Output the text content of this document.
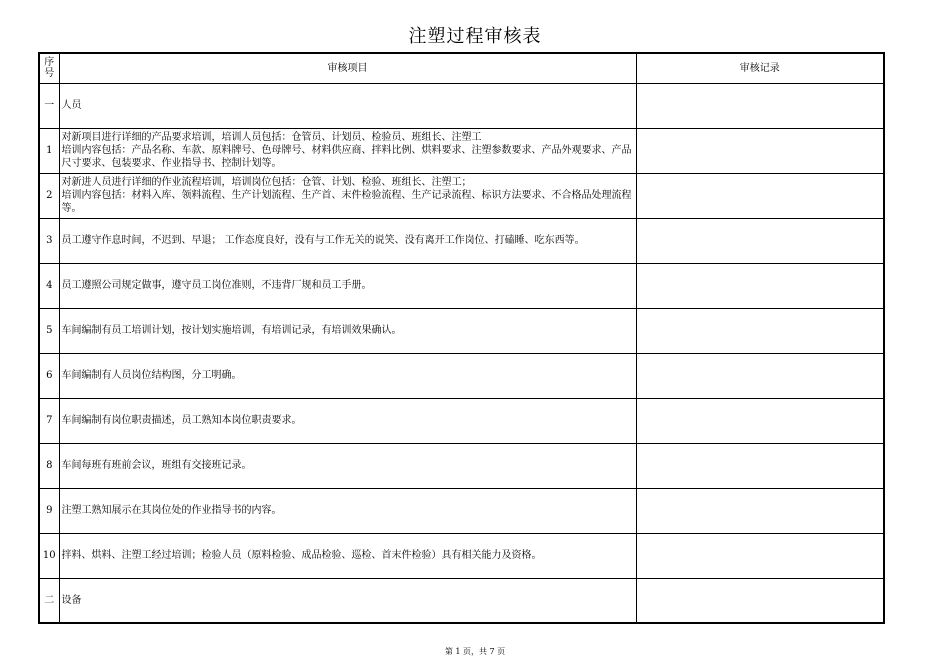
注塑过程审核表
序号	审核项目	审核记录
一	人员	
1	对新项目进行详细的产品要求培训，培训人员包括：仓管员、计划员、检验员、班组长、注塑工
培训内容包括：产品名称、车款、原料牌号、色母牌号、材料供应商、拌料比例、烘料要求、注塑参数要求、产品外观要求、产品尺寸要求、包装要求、作业指导书、控制计划等。	
2	对新进人员进行详细的作业流程培训，培训岗位包括：仓管、计划、检验、班组长、注塑工；
培训内容包括：材料入库、领料流程、生产计划流程、生产首、末件检验流程、生产记录流程、标识方法要求、不合格品处理流程等。	
3	员工遵守作息时间，不迟到、早退； 工作态度良好，没有与工作无关的说笑、没有离开工作岗位、打磕睡、吃东西等。	
4	员工遵照公司规定做事，遵守员工岗位准则，不违背厂规和员工手册。	
5	车间编制有员工培训计划，按计划实施培训，有培训记录，有培训效果确认。	
6	车间编制有人员岗位结构图，分工明确。	
7	车间编制有岗位职责描述，员工熟知本岗位职责要求。	
8	车间每班有班前会议，班组有交接班记录。	
9	注塑工熟知展示在其岗位处的作业指导书的内容。	
10	拌料、烘料、注塑工经过培训；检验人员（原料检验、成品检验、巡检、首末件检验）具有相关能力及资格。	
二	设备	
第 1 页，共 7 页
